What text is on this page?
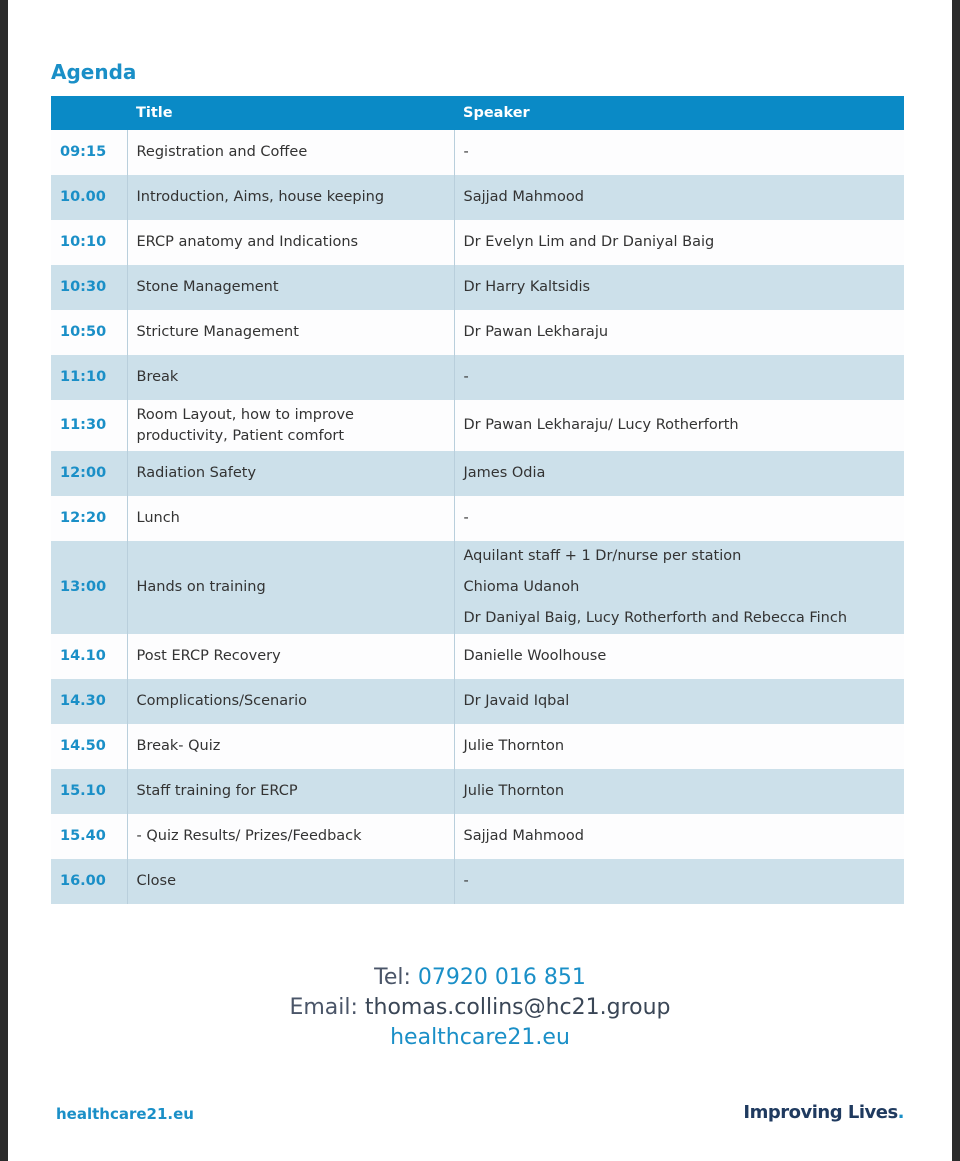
Agenda
	Title	Speaker
09:15	Registration and Coffee	-
10.00	Introduction, Aims, house keeping	Sajjad Mahmood
10:10	ERCP anatomy and Indications	Dr Evelyn Lim and Dr Daniyal Baig
10:30	Stone Management	Dr Harry Kaltsidis
10:50	Stricture Management	Dr Pawan Lekharaju
11:10	Break	-
11:30	Room Layout, how to improve productivity, Patient comfort	Dr Pawan Lekharaju/ Lucy Rotherforth
12:00	Radiation Safety	James Odia
12:20	Lunch	-
13:00	Hands on training	Aquilant staff + 1 Dr/nurse per station
Chioma Udanoh
Dr Daniyal Baig, Lucy Rotherforth and Rebecca Finch

14.10	Post ERCP Recovery	Danielle Woolhouse
14.30	Complications/Scenario	Dr Javaid Iqbal
14.50	Break- Quiz	Julie Thornton
15.10	Staff training for ERCP	Julie Thornton
15.40	- Quiz Results/ Prizes/Feedback	Sajjad Mahmood
16.00	Close	-
Tel: 07920 016 851
Email: thomas.collins@hc21.group
healthcare21.eu
healthcare21.eu	Improving Lives.
